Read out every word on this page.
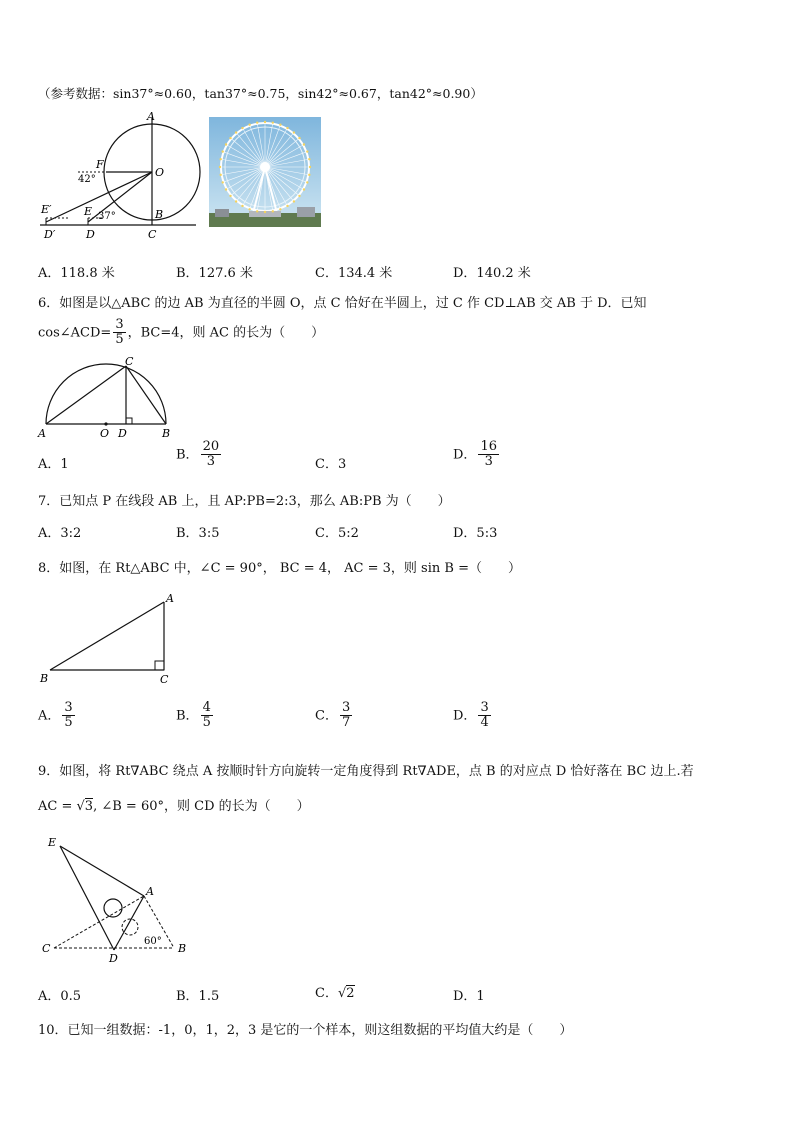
（参考数据：sin37°≈0.60，tan37°≈0.75，sin42°≈0.67，tan42°≈0.90）
A
O
F
42°
E′	E 37°	B
D′	D	C
A．118.8 米	B．127.6 米	C．134.4 米	D．140.2 米
6．如图是以△ABC 的边 AB 为直径的半圆 O，点 C 恰好在半圆上，过 C 作 CD⊥AB 交 AB 于 D．已知
cos∠ACD= $\frac{3}{5}$ ，BC=4，则 AC 的长为（　　）
C
A	O D	B
A．1
B． $\frac{20}{3}$	C．3
D． $\frac{16}{3}$
7．已知点 P 在线段 AB 上，且 AP:PB=2:3，那么 AB:PB 为（　　）
A．3:2	B．3:5	C．5:2	D．5:3
8．如图，在 Rt△ABC 中，∠C = 90°， BC = 4， AC = 3，则 sin B =（　　）
A
B	C
A． $\frac{3}{5}$	B． $\frac{4}{5}$	C． $\frac{3}{7}$	D． $\frac{3}{4}$
9．如图，将 Rt∇ABC 绕点 A 按顺时针方向旋转一定角度得到 Rt∇ADE，点 B 的对应点 D 恰好落在 BC 边上.若
AC = √3, ∠B = 60°，则 CD 的长为（　　）
E
A
C
D
B
60°
A．0.5	B．1.5	C．√2	D．1
10．已知一组数据：-1，0，1，2，3 是它的一个样本，则这组数据的平均值大约是（　　）
